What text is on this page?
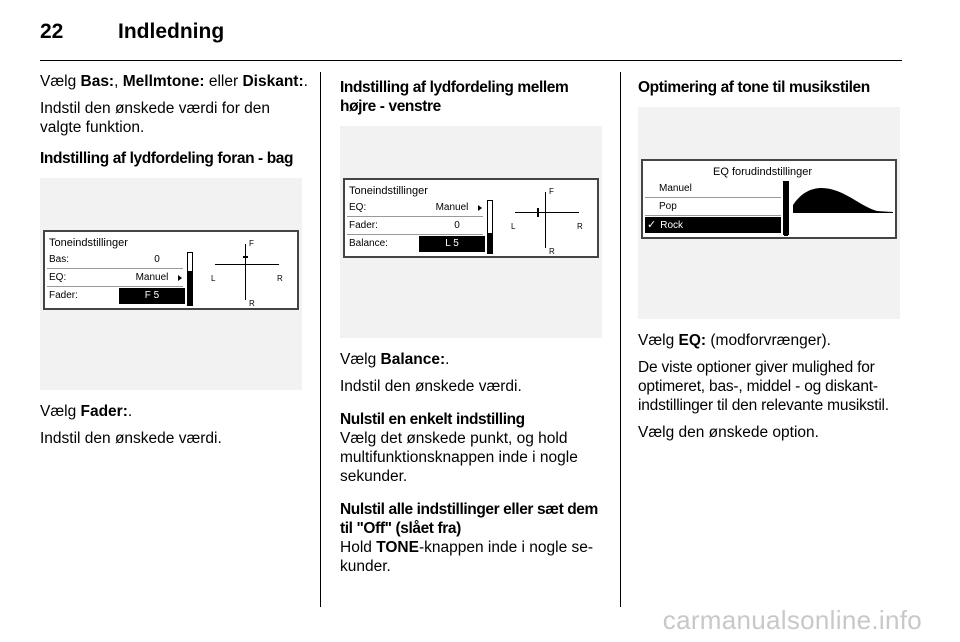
22	Indledning

Vælg Bas:, Mellmtone: eller Diskant:.

Indstil den ønskede værdi for den valgte funktion.

Indstilling af lydfordeling foran - bag

Toneindstillinger
Bas:	0
EQ:	Manuel
Fader:	F 5
F
R
L	R

Vælg Fader:.

Indstil den ønskede værdi.

Indstilling af lydfordeling mellem højre - venstre

Toneindstillinger
EQ:	Manuel
Fader:	0
Balance:	L 5
F
R
L	R

Vælg Balance:.

Indstil den ønskede værdi.

Nulstil en enkelt indstilling

Vælg det ønskede punkt, og hold multifunktionsknappen inde i nogle sekunder.

Nulstil alle indstillinger eller sæt dem til "Off" (slået fra)

Hold TONE-knappen inde i nogle se-kunder.

Optimering af tone til musikstilen

EQ forudindstillinger
Manuel
Pop
✓ Rock

Vælg EQ: (modforvrænger).

De viste optioner giver mulighed for optimeret, bas-, middel - og diskant-indstillinger til den relevante musikstil.

Vælg den ønskede option.

carmanualsonline.info
